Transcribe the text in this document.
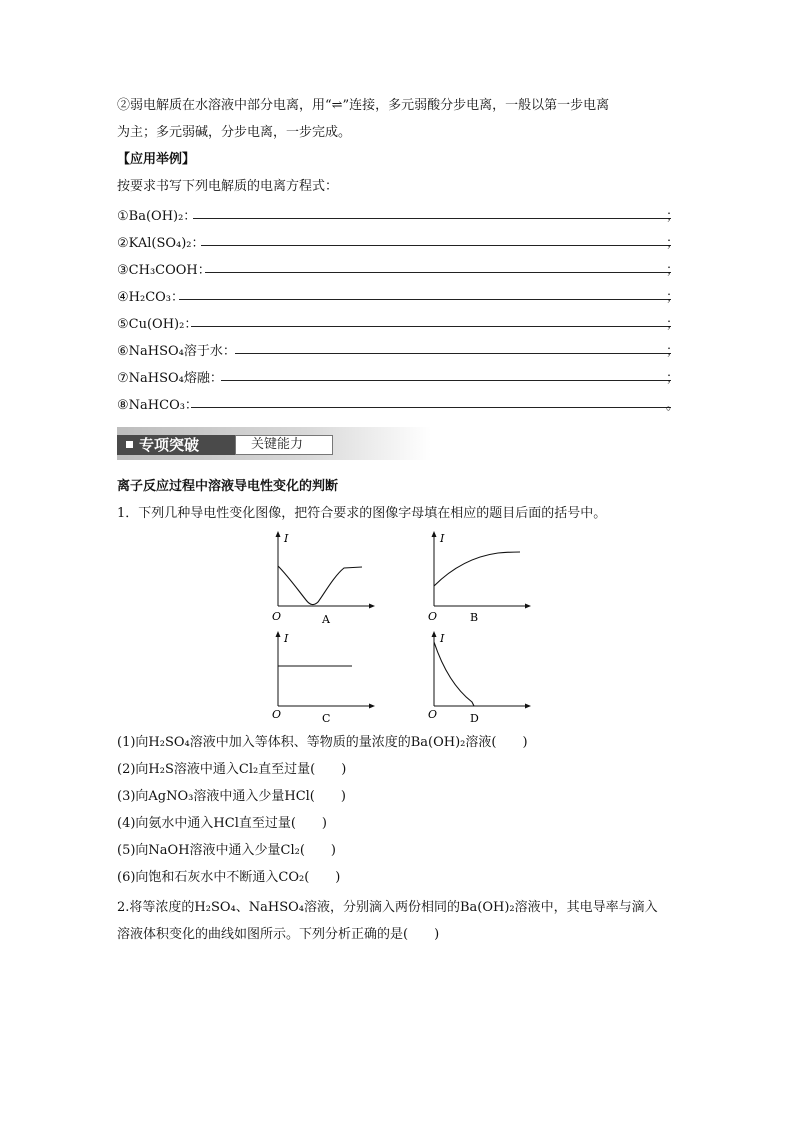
②弱电解质在水溶液中部分电离，用“⇌”连接，多元弱酸分步电离，一般以第一步电离
为主；多元弱碱，分步电离，一步完成。
【应用举例】
按要求书写下列电解质的电离方程式：
①Ba(OH)₂：	；
②KAl(SO₄)₂：	；
③CH₃COOH：	；
④H₂CO₃：	；
⑤Cu(OH)₂：	；
⑥NaHSO₄溶于水：	；
⑦NaHSO₄熔融：	；
⑧NaHCO₃：	。
专项突破	关键能力
离子反应过程中溶液导电性变化的判断
1．下列几种导电性变化图像，把符合要求的图像字母填在相应的题目后面的括号中。
I
O	A
I
O	B
I
O	C
I
O	D
(1)向H₂SO₄溶液中加入等体积、等物质的量浓度的Ba(OH)₂溶液(　　)
(2)向H₂S溶液中通入Cl₂直至过量(　　)
(3)向AgNO₃溶液中通入少量HCl(　　)
(4)向氨水中通入HCl直至过量(　　)
(5)向NaOH溶液中通入少量Cl₂(　　)
(6)向饱和石灰水中不断通入CO₂(　　)
2.将等浓度的H₂SO₄、NaHSO₄溶液，分别滴入两份相同的Ba(OH)₂溶液中，其电导率与滴入
溶液体积变化的曲线如图所示。下列分析正确的是(　　)
